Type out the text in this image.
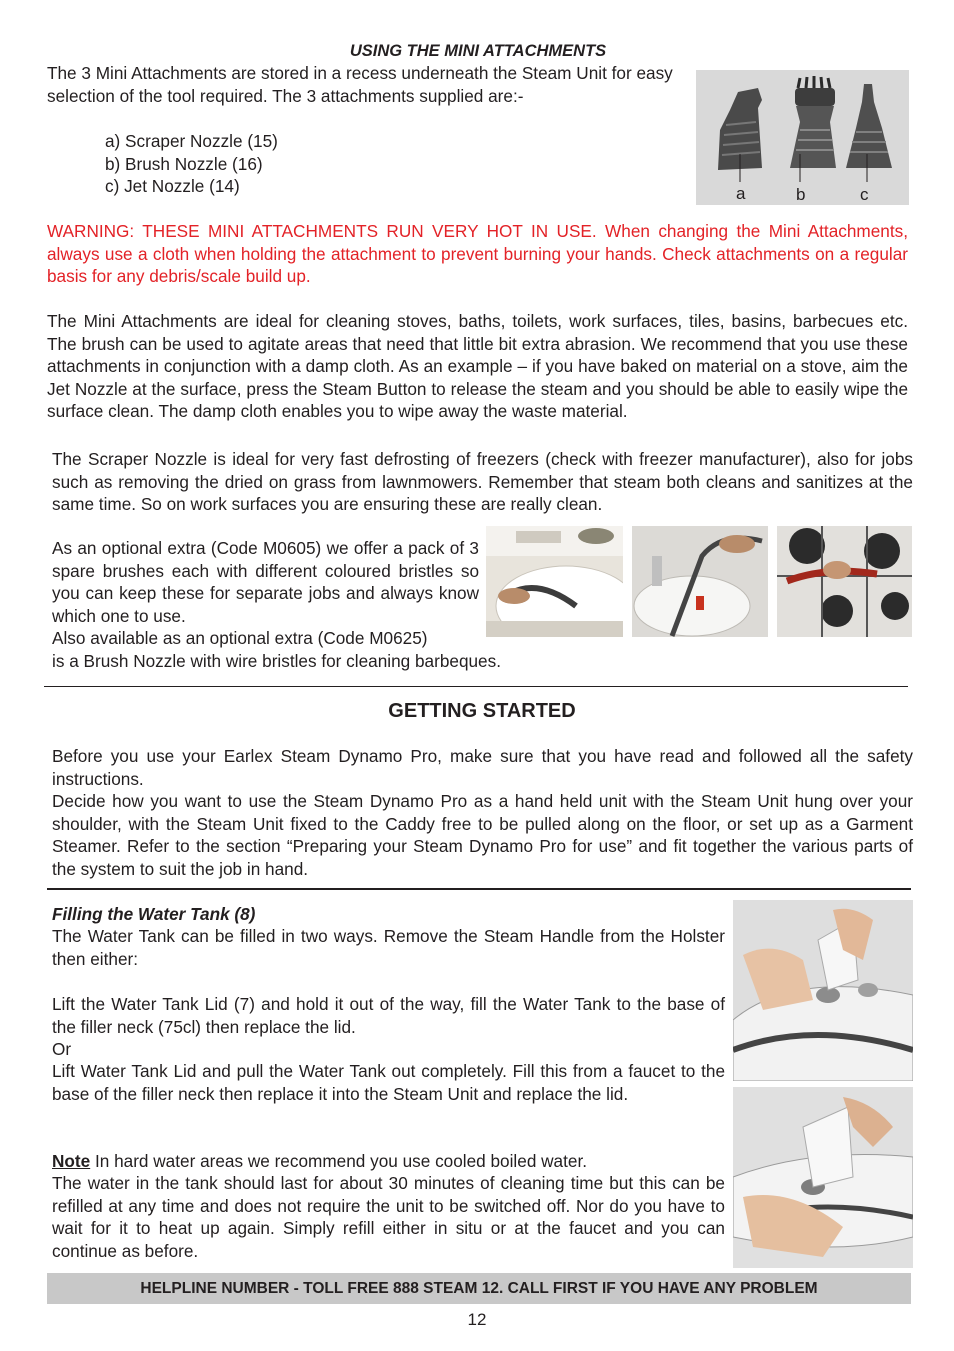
USING THE MINI ATTACHMENTS
The 3 Mini Attachments are stored in a recess underneath the Steam Unit for easy selection of the tool required. The 3 attachments supplied are:-

a) Scraper Nozzle (15)

b) Brush Nozzle (16)

c) Jet Nozzle (14)	a	b	c
WARNING: THESE MINI ATTACHMENTS RUN VERY HOT IN USE. When changing the Mini Attachments, always use a cloth when holding the attachment to prevent burning your hands. Check attachments on a regular basis for any debris/scale build up.
The Mini Attachments are ideal for cleaning stoves, baths, toilets, work surfaces, tiles, basins, barbecues etc. The brush can be used to agitate areas that need that little bit extra abrasion. We recommend that you use these attachments in conjunction with a damp cloth. As an example – if you have baked on material on a stove, aim the Jet Nozzle at the surface, press the Steam Button to release the steam and you should be able to easily wipe the surface clean. The damp cloth enables you to wipe away the waste material.
The Scraper Nozzle is ideal for very fast defrosting of freezers (check with freezer manufacturer), also for jobs such as removing the dried on grass from lawnmowers. Remember that steam both cleans and sanitizes at the same time. So on work surfaces you are ensuring these are really clean.
As an optional extra (Code M0605) we offer a pack of 3 spare brushes each with different coloured bristles so you can keep these for separate jobs and always know which one to use.
Also available as an optional extra (Code M0625)
is a Brush Nozzle with wire bristles for cleaning barbeques.
GETTING STARTED
Before you use your Earlex Steam Dynamo Pro, make sure that you have read and followed all the safety instructions.
Decide how you want to use the Steam Dynamo Pro as a hand held unit with the Steam Unit hung over your shoulder, with the Steam Unit fixed to the Caddy free to be pulled along on the floor, or set up as a Garment Steamer. Refer to the section “Preparing your Steam Dynamo Pro for use” and fit together the various parts of the system to suit the job in hand.
Filling the Water Tank (8)
The Water Tank can be filled in two ways. Remove the Steam Handle from the Holster then either:
Lift the Water Tank Lid (7) and hold it out of the way, fill the Water Tank to the base of the filler neck (75cl) then replace the lid.
Or
Lift Water Tank Lid and pull the Water Tank out completely. Fill this from a faucet to the base of the filler neck then replace it into the Steam Unit and replace the lid.
Note In hard water areas we recommend you use cooled boiled water.
The water in the tank should last for about 30 minutes of cleaning time but this can be refilled at any time and does not require the unit to be switched off. Nor do you have to wait for it to heat up again. Simply refill either in situ or at the faucet and you can continue as before.
HELPLINE NUMBER - TOLL FREE 888 STEAM 12. CALL FIRST IF YOU HAVE ANY PROBLEM
12
